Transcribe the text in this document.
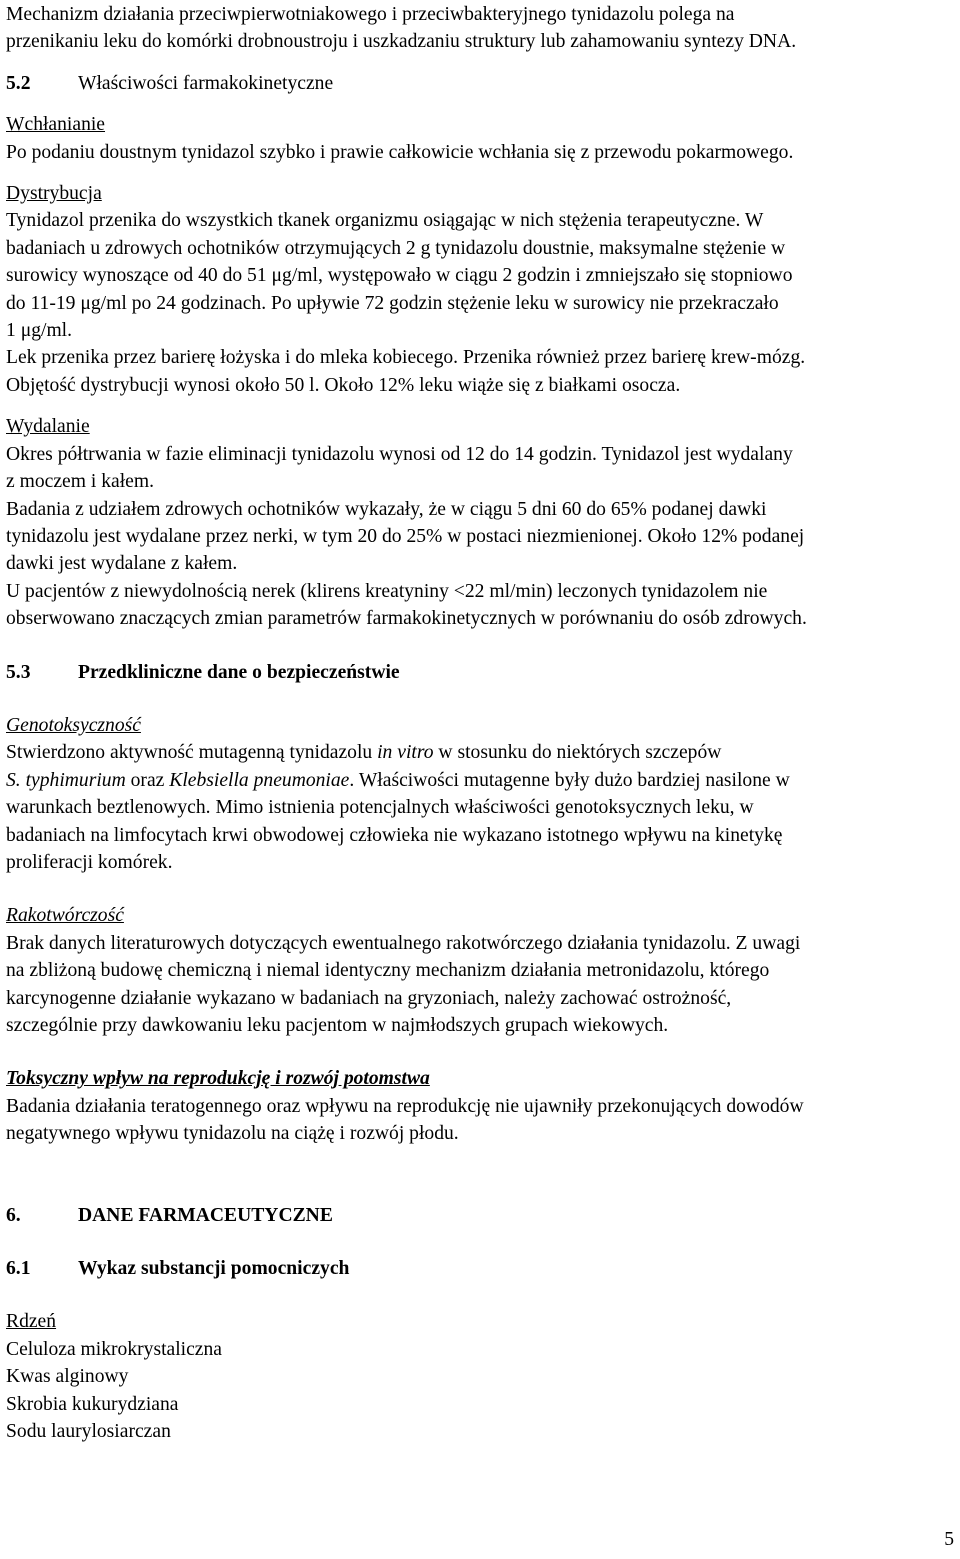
Mechanizm działania przeciwpierwotniakowego i przeciwbakteryjnego tynidazolu polega na
przenikaniu leku do komórki drobnoustroju i uszkadzaniu struktury lub zahamowaniu syntezy DNA.
5.2	Właściwości farmakokinetyczne
Wchłanianie
Po podaniu doustnym tynidazol szybko i prawie całkowicie wchłania się z przewodu pokarmowego.
Dystrybucja
Tynidazol przenika do wszystkich tkanek organizmu osiągając w nich stężenia terapeutyczne. W
badaniach u zdrowych ochotników otrzymujących 2 g tynidazolu doustnie, maksymalne stężenie w
surowicy wynoszące od 40 do 51 μg/ml, występowało w ciągu 2 godzin i zmniejszało się stopniowo
do 11-19 μg/ml po 24 godzinach. Po upływie 72 godzin stężenie leku w surowicy nie przekraczało
1 μg/ml.
Lek przenika przez barierę łożyska i do mleka kobiecego. Przenika również przez barierę krew-mózg.
Objętość dystrybucji wynosi około 50 l. Około 12% leku wiąże się z białkami osocza.
Wydalanie
Okres półtrwania w fazie eliminacji tynidazolu wynosi od 12 do 14 godzin. Tynidazol jest wydalany
z moczem i kałem.
Badania z udziałem zdrowych ochotników wykazały, że w ciągu 5 dni 60 do 65% podanej dawki
tynidazolu jest wydalane przez nerki, w tym 20 do 25% w postaci niezmienionej. Około 12% podanej
dawki jest wydalane z kałem.
U pacjentów z niewydolnością nerek (klirens kreatyniny <22 ml/min) leczonych tynidazolem nie
obserwowano znaczących zmian parametrów farmakokinetycznych w porównaniu do osób zdrowych.
5.3	Przedkliniczne dane o bezpieczeństwie
Genotoksyczność
Stwierdzono aktywność mutagenną tynidazolu in vitro w stosunku do niektórych szczepów
S. typhimurium oraz Klebsiella pneumoniae. Właściwości mutagenne były dużo bardziej nasilone w
warunkach beztlenowych. Mimo istnienia potencjalnych właściwości genotoksycznych leku, w
badaniach na limfocytach krwi obwodowej człowieka nie wykazano istotnego wpływu na kinetykę
proliferacji komórek.
Rakotwórczość
Brak danych literaturowych dotyczących ewentualnego rakotwórczego działania tynidazolu. Z uwagi
na zbliżoną budowę chemiczną i niemal identyczny mechanizm działania metronidazolu, którego
karcynogenne działanie wykazano w badaniach na gryzoniach, należy zachować ostrożność,
szczególnie przy dawkowaniu leku pacjentom w najmłodszych grupach wiekowych.
Toksyczny wpływ na reprodukcję i rozwój potomstwa
Badania działania teratogennego oraz wpływu na reprodukcję nie ujawniły przekonujących dowodów
negatywnego wpływu tynidazolu na ciążę i rozwój płodu.
6.	DANE FARMACEUTYCZNE
6.1	Wykaz substancji pomocniczych
Rdzeń
Celuloza mikrokrystaliczna
Kwas alginowy
Skrobia kukurydziana
Sodu laurylosiarczan
5
